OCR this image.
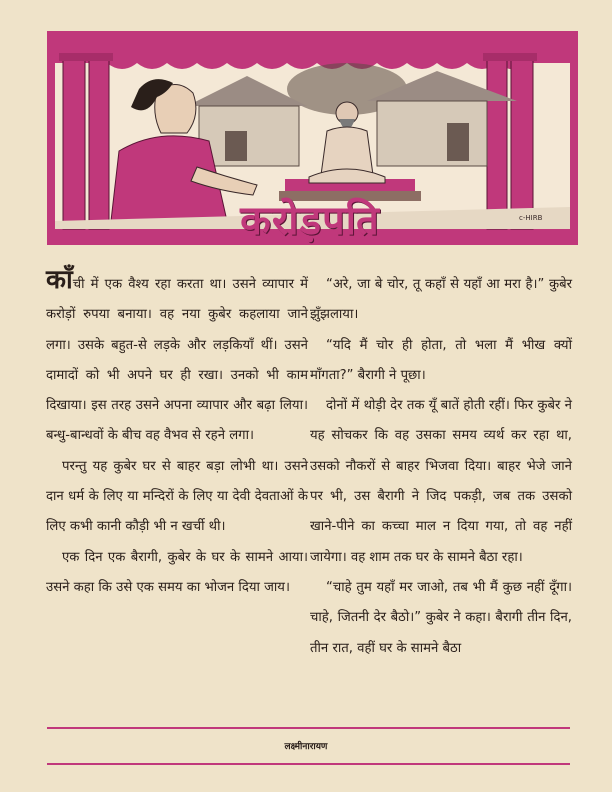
करोड़पति	c-HIRB

काँची में एक वैश्य रहा करता था। उसने व्यापार में करोड़ों रुपया बनाया। वह नया कुबेर कहलाया जाने लगा। उसके बहुत-से लड़के और लड़कियाँ थीं। उसने दामादों को भी अपने घर ही रखा। उनको भी काम दिखाया। इस तरह उसने अपना व्यापार और बढ़ा लिया। बन्धु-बान्धवों के बीच वह वैभव से रहने लगा।

परन्तु यह कुबेर घर से बाहर बड़ा लोभी था। उसने दान धर्म के लिए या मन्दिरों के लिए या देवी देवताओं के लिए कभी कानी कौड़ी भी न खर्ची थी।

एक दिन एक बैरागी, कुबेर के घर के सामने आया। उसने कहा कि उसे एक समय का भोजन दिया जाय।

“अरे, जा बे चोर, तू कहाँ से यहाँ आ मरा है।” कुबेर झुँझलाया।

“यदि मैं चोर ही होता, तो भला मैं भीख क्यों माँगता?” बैरागी ने पूछा।

दोनों में थोड़ी देर तक यूँ बातें होती रहीं। फिर कुबेर ने यह सोचकर कि वह उसका समय व्यर्थ कर रहा था, उसको नौकरों से बाहर भिजवा दिया। बाहर भेजे जाने पर भी, उस बैरागी ने जिद पकड़ी, जब तक उसको खाने-पीने का कच्चा माल न दिया गया, तो वह नहीं जायेगा। वह शाम तक घर के सामने बैठा रहा।

“चाहे तुम यहाँ मर जाओ, तब भी मैं कुछ नहीं दूँगा। चाहे, जितनी देर बैठो।” कुबेर ने कहा। बैरागी तीन दिन, तीन रात, वहीं घर के सामने बैठा

लक्ष्मीनारायण
